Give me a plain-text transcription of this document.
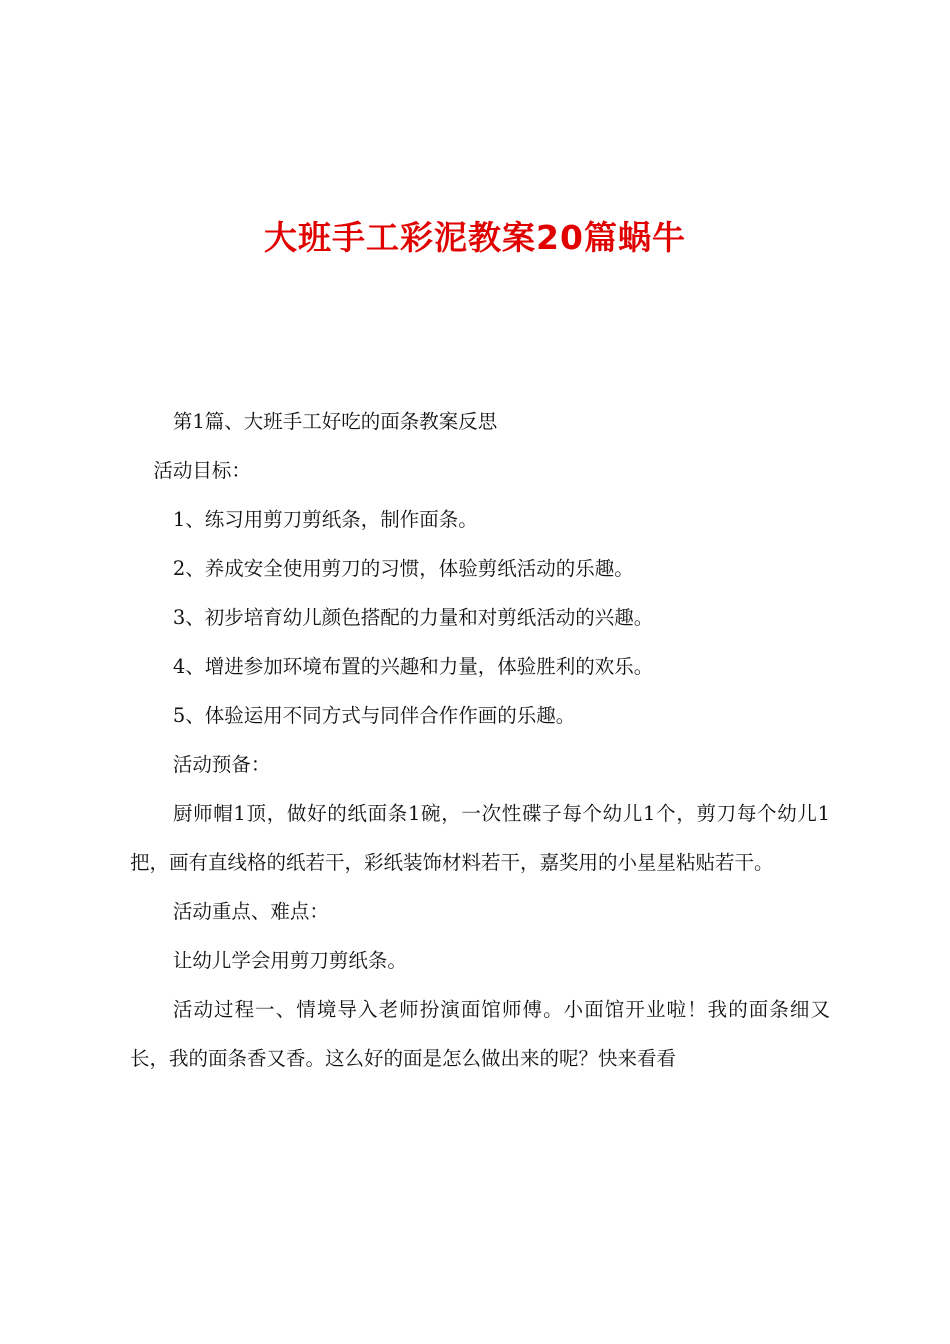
大班手工彩泥教案20篇蜗牛

第1篇、大班手工好吃的面条教案反思

活动目标：

1、练习用剪刀剪纸条，制作面条。

2、养成安全使用剪刀的习惯，体验剪纸活动的乐趣。

3、初步培育幼儿颜色搭配的力量和对剪纸活动的兴趣。

4、增进参加环境布置的兴趣和力量，体验胜利的欢乐。

5、体验运用不同方式与同伴合作作画的乐趣。

活动预备：

厨师帽1顶，做好的纸面条1碗，一次性碟子每个幼儿1个，剪刀每个幼儿1把，画有直线格的纸若干，彩纸装饰材料若干，嘉奖用的小星星粘贴若干。

活动重点、难点：

让幼儿学会用剪刀剪纸条。

活动过程一、情境导入老师扮演面馆师傅。小面馆开业啦！我的面条细又长，我的面条香又香。这么好的面是怎么做出来的呢？快来看看
